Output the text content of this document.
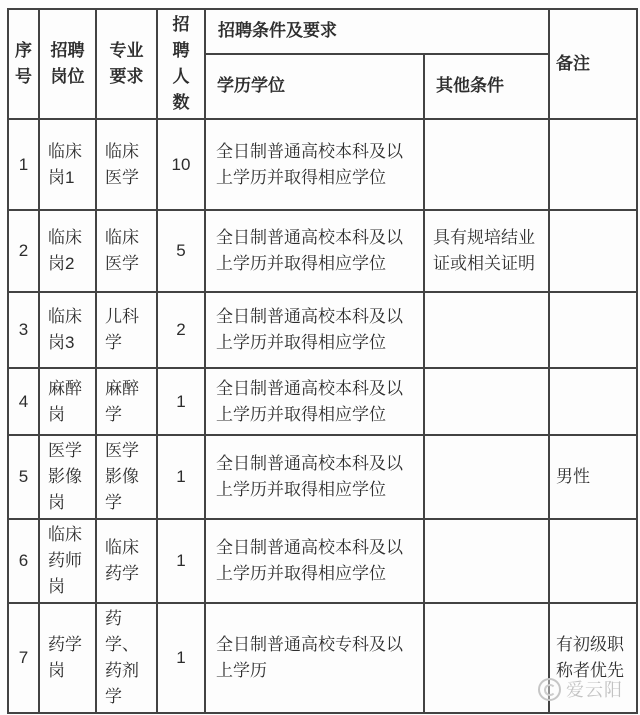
序号	招聘岗位	专业要求	招聘人数	招聘条件及要求		备注
				学历学位	其他条件	
1	临床岗1	临床医学	10	全日制普通高校本科及以上学历并取得相应学位		
2	临床岗2	临床医学	5	全日制普通高校本科及以上学历并取得相应学位	具有规培结业证或相关证明	
3	临床岗3	儿科学	2	全日制普通高校本科及以上学历并取得相应学位		
4	麻醉岗	麻醉学	1	全日制普通高校本科及以上学历并取得相应学位		
5	医学影像岗	医学影像学	1	全日制普通高校本科及以上学历并取得相应学位		男性
6	临床药师岗	临床药学	1	全日制普通高校本科及以上学历并取得相应学位		
7	药学岗	药学、药剂学	1	全日制普通高校专科及以上学历		有初级职称者优先
爱云阳
